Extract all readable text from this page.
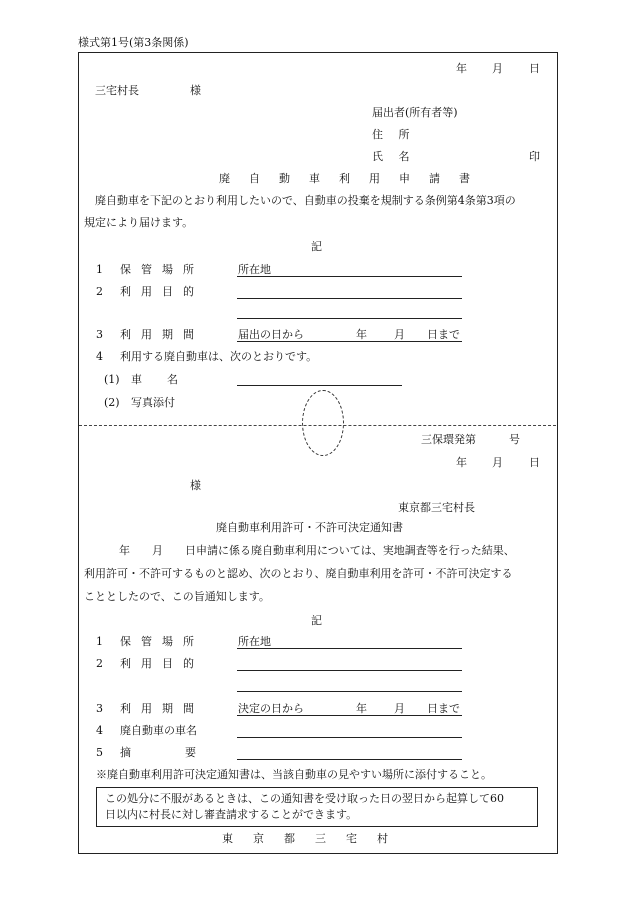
様式第1号(第3条関係)
年 月 日
三宅村長	様
届出者(所有者等)
住 所
氏 名	印
廃自動車利用申請書
廃自動車を下記のとおり利用したいので、自動車の投棄を規制する条例第4条第3項の
規定により届けます。
記
1 保管場所	所在地
2 利用目的
3 利用期間	届出の日から	年 月 日まで
4 利用する廃自動車は、次のとおりです。
(1) 車名
(2) 写真添付
三保環発第　　　号
年 月 日
様
東京都三宅村長
廃自動車利用許可・不許可決定通知書
年　　月　　日申請に係る廃自動車利用については、実地調査等を行った結果、
利用許可・不許可するものと認め、次のとおり、廃自動車利用を許可・不許可決定する
こととしたので、この旨通知します。
記
1 保管場所	所在地
2 利用目的
3 利用期間	決定の日から	年 月 日まで
4 廃自動車の車名
5 摘要
※廃自動車利用許可決定通知書は、当該自動車の見やすい場所に添付すること。
この処分に不服があるときは、この通知書を受け取った日の翌日から起算して60
日以内に村長に対し審査請求することができます。
東京都三宅村
